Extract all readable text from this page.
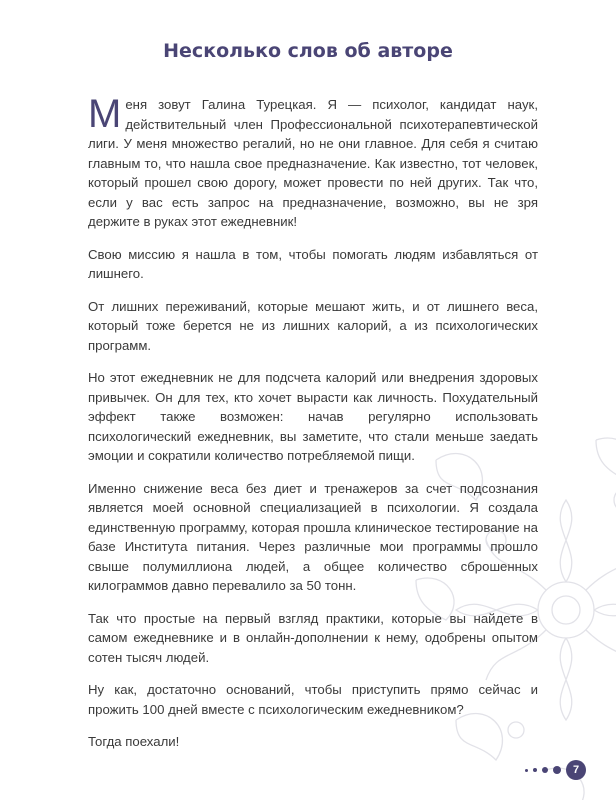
Несколько слов об авторе

Меня зовут Галина Турецкая. Я — психолог, кандидат наук, действительный член Профессиональной психотерапевтической лиги. У меня множество регалий, но не они главное. Для себя я считаю главным то, что нашла свое предназначение. Как известно, тот человек, который прошел свою дорогу, может провести по ней других. Так что, если у вас есть запрос на предназначение, возможно, вы не зря держите в руках этот ежедневник!

Свою миссию я нашла в том, чтобы помогать людям избавляться от лишнего.

От лишних переживаний, которые мешают жить, и от лишнего веса, который тоже берется не из лишних калорий, а из психологических программ.

Но этот ежедневник не для подсчета калорий или внедрения здоровых привычек. Он для тех, кто хочет вырасти как личность. Похудательный эффект также возможен: начав регулярно использовать психологический ежедневник, вы заметите, что стали меньше заедать эмоции и сократили количество потребляемой пищи.

Именно снижение веса без диет и тренажеров за счет подсознания является моей основной специализацией в психологии. Я создала единственную программу, которая прошла клиническое тестирование на базе Института питания. Через различные мои программы прошло свыше полумиллиона людей, а общее количество сброшенных килограммов давно перевалило за 50 тонн.

Так что простые на первый взгляд практики, которые вы найдете в самом ежедневнике и в онлайн-дополнении к нему, одобрены опытом сотен тысяч людей.

Ну как, достаточно оснований, чтобы приступить прямо сейчас и прожить 100 дней вместе с психологическим ежедневником?

Тогда поехали!

7
